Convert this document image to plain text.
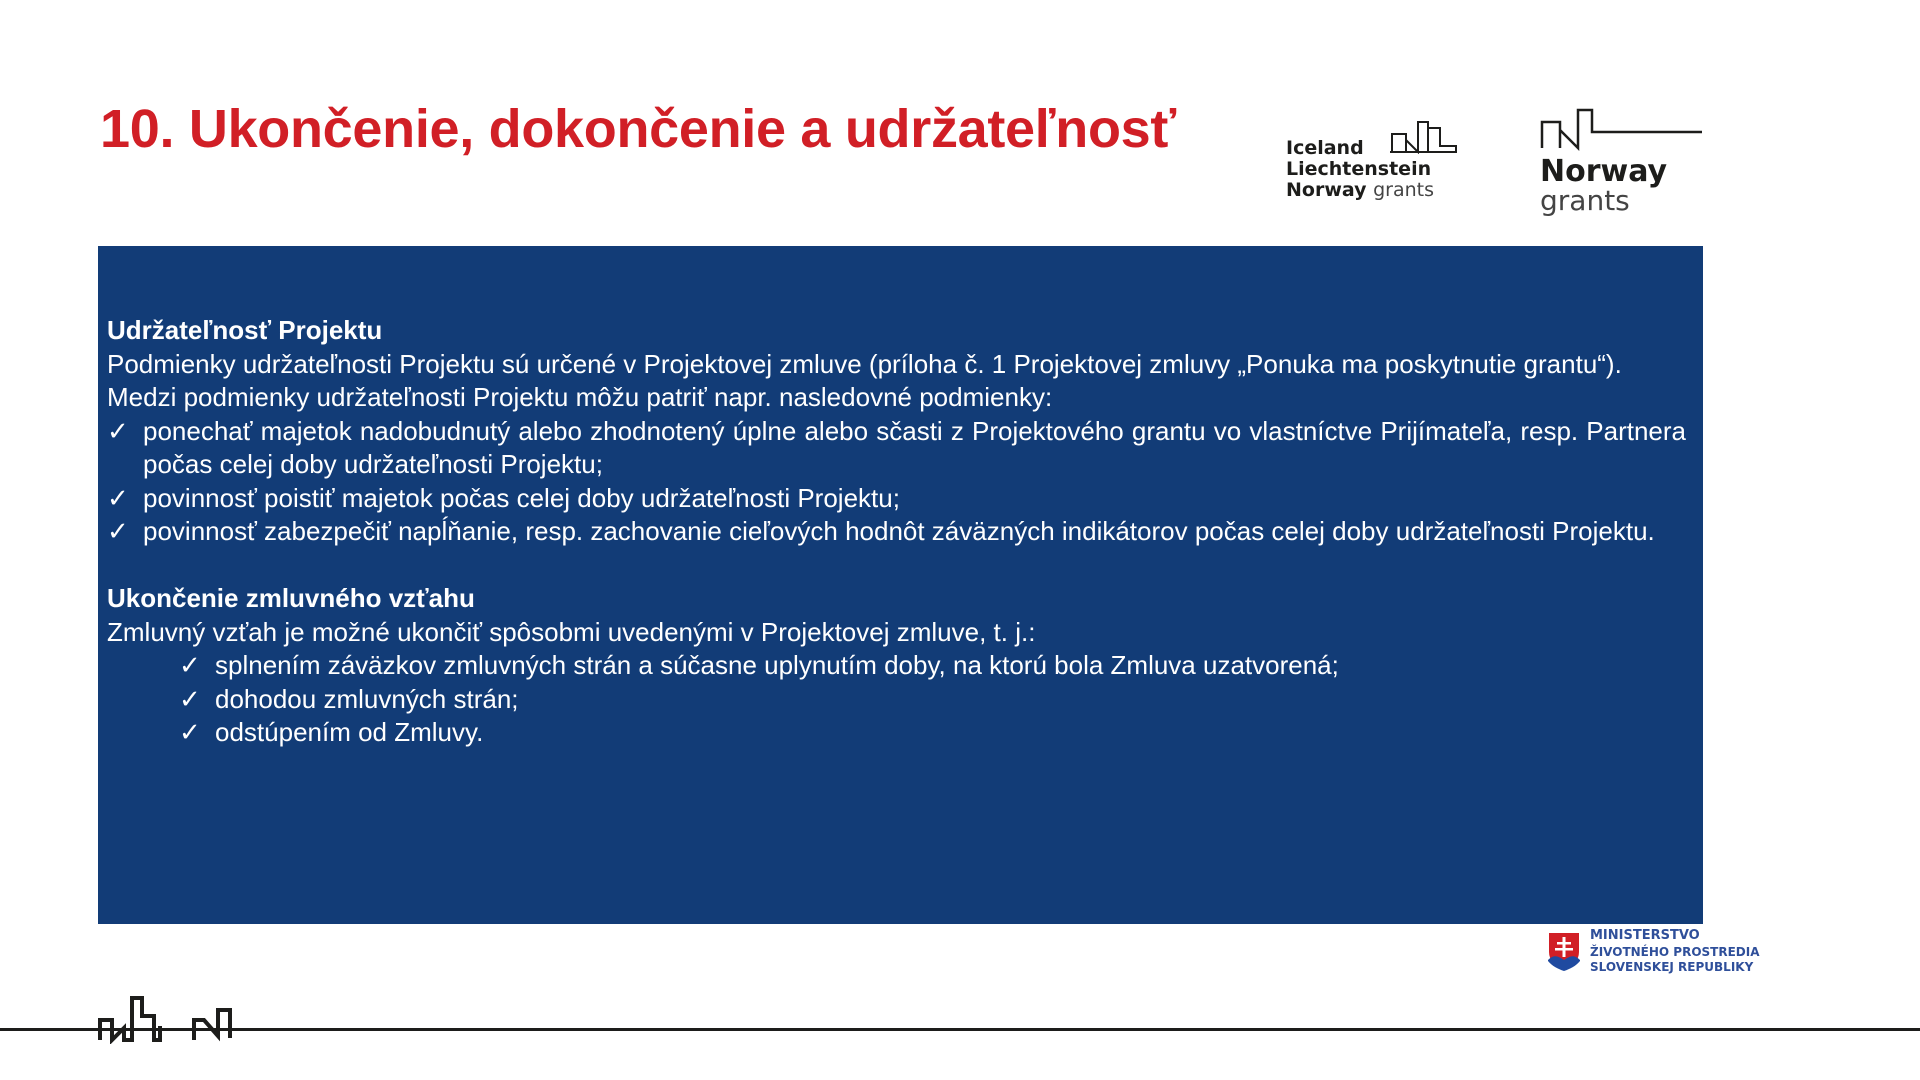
10. Ukončenie, dokončenie a udržateľnosť	Iceland
Liechtenstein
Norway grants
Norway
grants

Udržateľnosť Projektu

Podmienky udržateľnosti Projektu sú určené v Projektovej zmluve (príloha č. 1 Projektovej zmluvy „Ponuka ma poskytnutie grantu“).

Medzi podmienky udržateľnosti Projektu môžu patriť napr. nasledovné podmienky:

✓ ponechať majetok nadobudnutý alebo zhodnotený úplne alebo sčasti z Projektového grantu vo vlastníctve Prijímateľa, resp. Partnera počas celej doby udržateľnosti Projektu;
✓ povinnosť poistiť majetok počas celej doby udržateľnosti Projektu;
✓ povinnosť zabezpečiť napĺňanie, resp. zachovanie cieľových hodnôt záväzných indikátorov počas celej doby udržateľnosti Projektu.

Ukončenie zmluvného vzťahu

Zmluvný vzťah je možné ukončiť spôsobmi uvedenými v Projektovej zmluve, t. j.:

✓ splnením záväzkov zmluvných strán a súčasne uplynutím doby, na ktorú bola Zmluva uzatvorená;
✓ dohodou zmluvných strán;
✓ odstúpením od Zmluvy.
MINISTERSTVO
ŽIVOTNÉHO PROSTREDIA
SLOVENSKEJ REPUBLIKY
